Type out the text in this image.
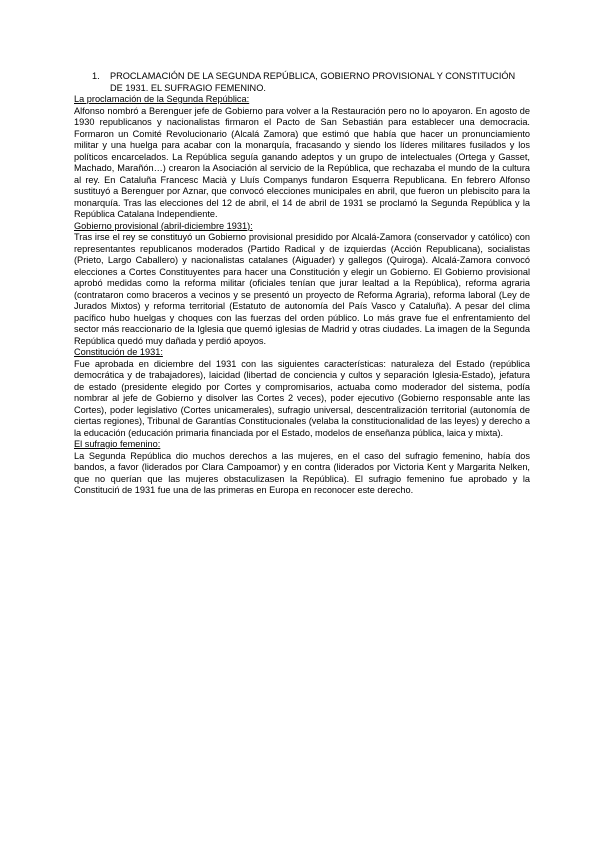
1.	PROCLAMACIÓN DE LA SEGUNDA REPÚBLICA, GOBIERNO PROVISIONAL Y CONSTITUCIÓN DE 1931. EL SUFRAGIO FEMENINO.
La proclamación de la Segunda República:

Alfonso nombró a Berenguer jefe de Gobierno para volver a la Restauración pero no lo apoyaron. En agosto de 1930 republicanos y nacionalistas firmaron el Pacto de San Sebastián para establecer una democracia. Formaron un Comité Revolucionario (Alcalá Zamora) que estimó que había que hacer un pronunciamiento militar y una huelga para acabar con la monarquía, fracasando y siendo los líderes militares fusilados y los políticos encarcelados. La República seguía ganando adeptos y un grupo de intelectuales (Ortega y Gasset, Machado, Marañón…) crearon la Asociación al servicio de la República, que rechazaba el mundo de la cultura al rey. En Cataluña Francesc Macià y Lluís Companys fundaron Esquerra Republicana. En febrero Alfonso sustituyó a Berenguer por Aznar, que convocó elecciones municipales en abril, que fueron un plebiscito para la monarquía. Tras las elecciones del 12 de abril, el 14 de abril de 1931 se proclamó la Segunda República y la República Catalana Independiente.

Gobierno provisional (abril-diciembre 1931):

Tras irse el rey se constituyó un Gobierno provisional presidido por Alcalá-Zamora (conservador y católico) con representantes republicanos moderados (Partido Radical y de izquierdas (Acción Republicana), socialistas (Prieto, Largo Caballero) y nacionalistas catalanes (Aiguader) y gallegos (Quiroga). Alcalá-Zamora convocó elecciones a Cortes Constituyentes para hacer una Constitución y elegir un Gobierno. El Gobierno provisional aprobó medidas como la reforma militar (oficiales tenían que jurar lealtad a la República), reforma agraria (contrataron como braceros a vecinos y se presentó un proyecto de Reforma Agraria), reforma laboral (Ley de Jurados Mixtos) y reforma territorial (Estatuto de autonomía del País Vasco y Cataluña). A pesar del clima pacífico hubo huelgas y choques con las fuerzas del orden público. Lo más grave fue el enfrentamiento del sector más reaccionario de la Iglesia que quemó iglesias de Madrid y otras ciudades. La imagen de la Segunda República quedó muy dañada y perdió apoyos.

Constitución de 1931:

Fue aprobada en diciembre del 1931 con las siguientes características: naturaleza del Estado (república democrática y de trabajadores), laicidad (libertad de conciencia y cultos y separación Iglesia-Estado), jefatura de estado (presidente elegido por Cortes y compromisarios, actuaba como moderador del sistema, podía nombrar al jefe de Gobierno y disolver las Cortes 2 veces), poder ejecutivo (Gobierno responsable ante las Cortes), poder legislativo (Cortes unicamerales), sufragio universal, descentralización territorial (autonomía de ciertas regiones), Tribunal de Garantías Constitucionales (velaba la constitucionalidad de las leyes) y derecho a la educación (educación primaria financiada por el Estado, modelos de enseñanza pública, laica y mixta).

El sufragio femenino:

La Segunda República dio muchos derechos a las mujeres, en el caso del sufragio femenino, había dos bandos, a favor (liderados por Clara Campoamor) y en contra (liderados por Victoria Kent y Margarita Nelken, que no querían que las mujeres obstaculizasen la República). El sufragio femenino fue aprobado y la Constituciń de 1931 fue una de las primeras en Europa en reconocer este derecho.
